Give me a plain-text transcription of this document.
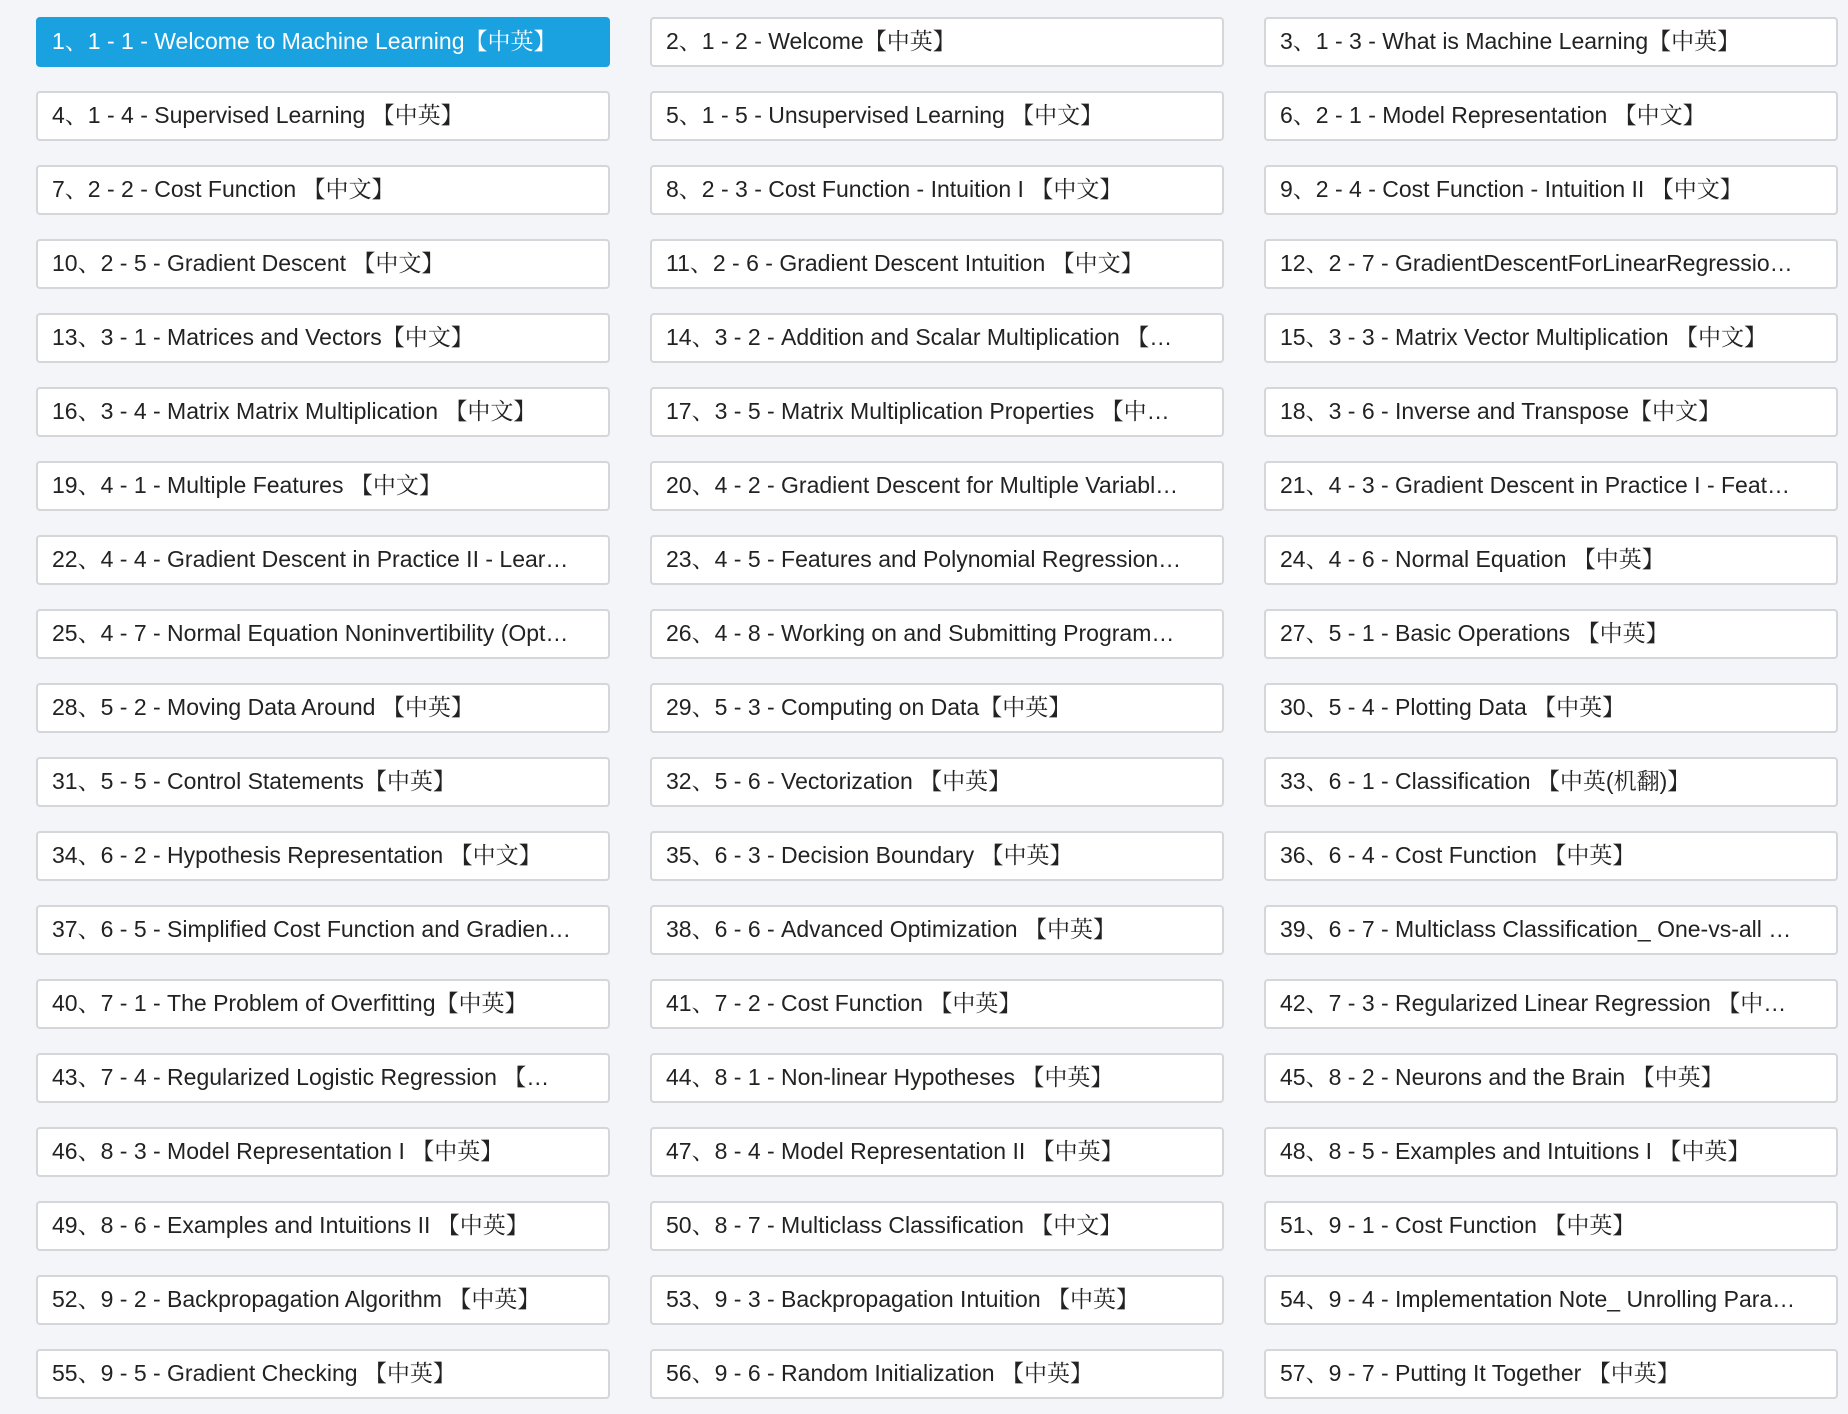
1、1 - 1 - Welcome to Machine Learning【中英】	2、1 - 2 - Welcome【中英】	3、1 - 3 - What is Machine Learning【中英】
4、1 - 4 - Supervised Learning 【中英】	5、1 - 5 - Unsupervised Learning 【中文】	6、2 - 1 - Model Representation 【中文】
7、2 - 2 - Cost Function 【中文】	8、2 - 3 - Cost Function - Intuition I 【中文】	9、2 - 4 - Cost Function - Intuition II 【中文】
10、2 - 5 - Gradient Descent 【中文】	11、2 - 6 - Gradient Descent Intuition 【中文】	12、2 - 7 - GradientDescentForLinearRegressio…
13、3 - 1 - Matrices and Vectors【中文】	14、3 - 2 - Addition and Scalar Multiplication 【…	15、3 - 3 - Matrix Vector Multiplication 【中文】
16、3 - 4 - Matrix Matrix Multiplication 【中文】	17、3 - 5 - Matrix Multiplication Properties 【中…	18、3 - 6 - Inverse and Transpose【中文】
19、4 - 1 - Multiple Features 【中文】	20、4 - 2 - Gradient Descent for Multiple Variabl…	21、4 - 3 - Gradient Descent in Practice I - Feat…
22、4 - 4 - Gradient Descent in Practice II - Lear…	23、4 - 5 - Features and Polynomial Regression…	24、4 - 6 - Normal Equation 【中英】
25、4 - 7 - Normal Equation Noninvertibility (Opt…	26、4 - 8 - Working on and Submitting Program…	27、5 - 1 - Basic Operations 【中英】
28、5 - 2 - Moving Data Around 【中英】	29、5 - 3 - Computing on Data【中英】	30、5 - 4 - Plotting Data 【中英】
31、5 - 5 - Control Statements【中英】	32、5 - 6 - Vectorization 【中英】	33、6 - 1 - Classification 【中英(机翻)】
34、6 - 2 - Hypothesis Representation 【中文】	35、6 - 3 - Decision Boundary 【中英】	36、6 - 4 - Cost Function 【中英】
37、6 - 5 - Simplified Cost Function and Gradien…	38、6 - 6 - Advanced Optimization 【中英】	39、6 - 7 - Multiclass Classification_ One-vs-all …
40、7 - 1 - The Problem of Overfitting【中英】	41、7 - 2 - Cost Function 【中英】	42、7 - 3 - Regularized Linear Regression 【中…
43、7 - 4 - Regularized Logistic Regression 【…	44、8 - 1 - Non-linear Hypotheses 【中英】	45、8 - 2 - Neurons and the Brain 【中英】
46、8 - 3 - Model Representation I 【中英】	47、8 - 4 - Model Representation II 【中英】	48、8 - 5 - Examples and Intuitions I 【中英】
49、8 - 6 - Examples and Intuitions II 【中英】	50、8 - 7 - Multiclass Classification 【中文】	51、9 - 1 - Cost Function 【中英】
52、9 - 2 - Backpropagation Algorithm 【中英】	53、9 - 3 - Backpropagation Intuition 【中英】	54、9 - 4 - Implementation Note_ Unrolling Para…
55、9 - 5 - Gradient Checking 【中英】	56、9 - 6 - Random Initialization 【中英】	57、9 - 7 - Putting It Together 【中英】
